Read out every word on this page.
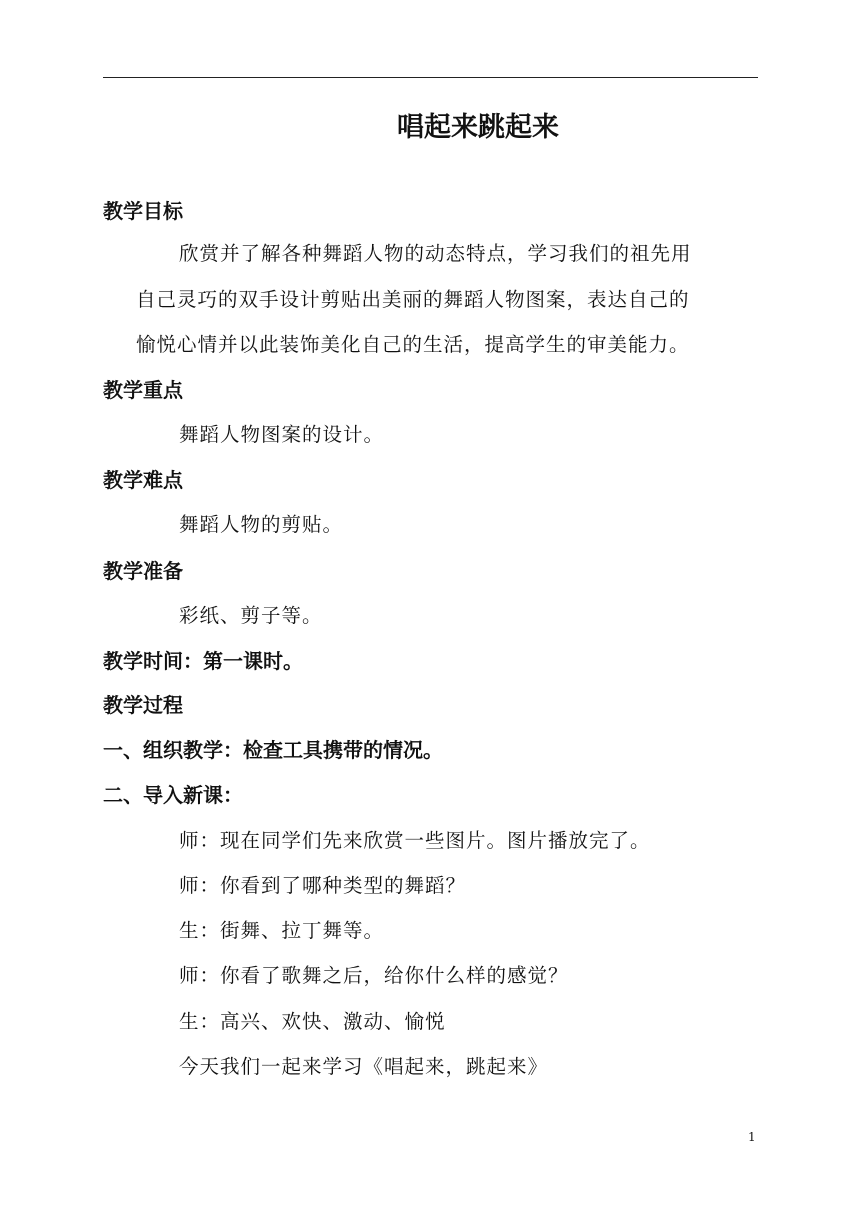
唱起来跳起来
教学目标
欣赏并了解各种舞蹈人物的动态特点，学习我们的祖先用
自己灵巧的双手设计剪贴出美丽的舞蹈人物图案，表达自己的
愉悦心情并以此装饰美化自己的生活，提高学生的审美能力。
教学重点
舞蹈人物图案的设计。
教学难点
舞蹈人物的剪贴。
教学准备
彩纸、剪子等。
教学时间：第一课时。
教学过程
一、组织教学：检查工具携带的情况。
二、导入新课：
师：现在同学们先来欣赏一些图片。图片播放完了。
师：你看到了哪种类型的舞蹈？
生：街舞、拉丁舞等。
师：你看了歌舞之后，给你什么样的感觉？
生：高兴、欢快、激动、愉悦
今天我们一起来学习《唱起来，跳起来》
1
